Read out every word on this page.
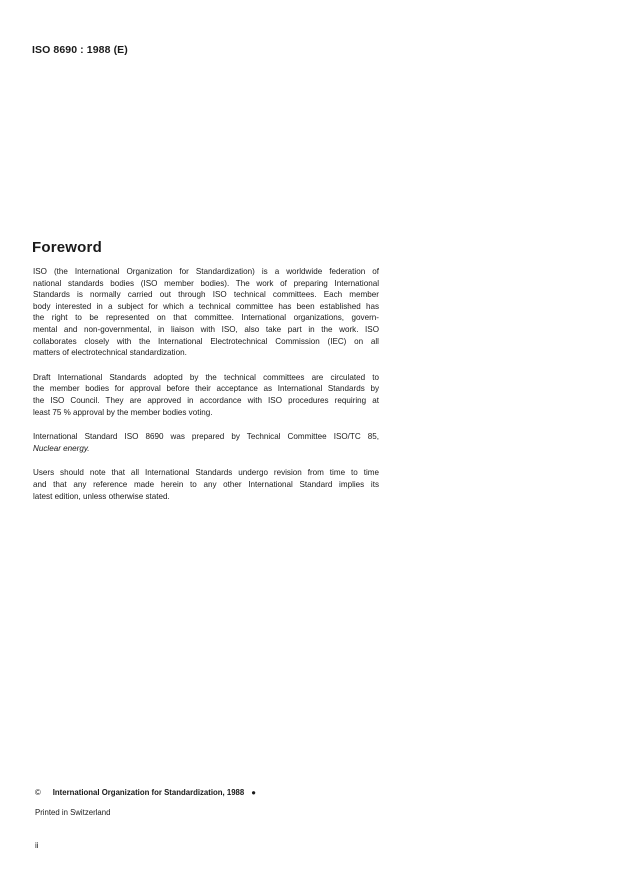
ISO 8690 : 1988 (E)
Foreword
ISO (the International Organization for Standardization) is a worldwide federation of
national standards bodies (ISO member bodies). The work of preparing International
Standards is normally carried out through ISO technical committees. Each member
body interested in a subject for which a technical committee has been established has
the right to be represented on that committee. International organizations, govern-
mental and non-governmental, in liaison with ISO, also take part in the work. ISO
collaborates closely with the International Electrotechnical Commission (IEC) on all
matters of electrotechnical standardization.
Draft International Standards adopted by the technical committees are circulated to
the member bodies for approval before their acceptance as International Standards by
the ISO Council. They are approved in accordance with ISO procedures requiring at
least 75 % approval by the member bodies voting.
International Standard ISO 8690 was prepared by Technical Committee ISO/TC 85,
Nuclear energy.
Users should note that all International Standards undergo revision from time to time
and that any reference made herein to any other International Standard implies its
latest edition, unless otherwise stated.
© International Organization for Standardization, 1988 ●
Printed in Switzerland
ii
